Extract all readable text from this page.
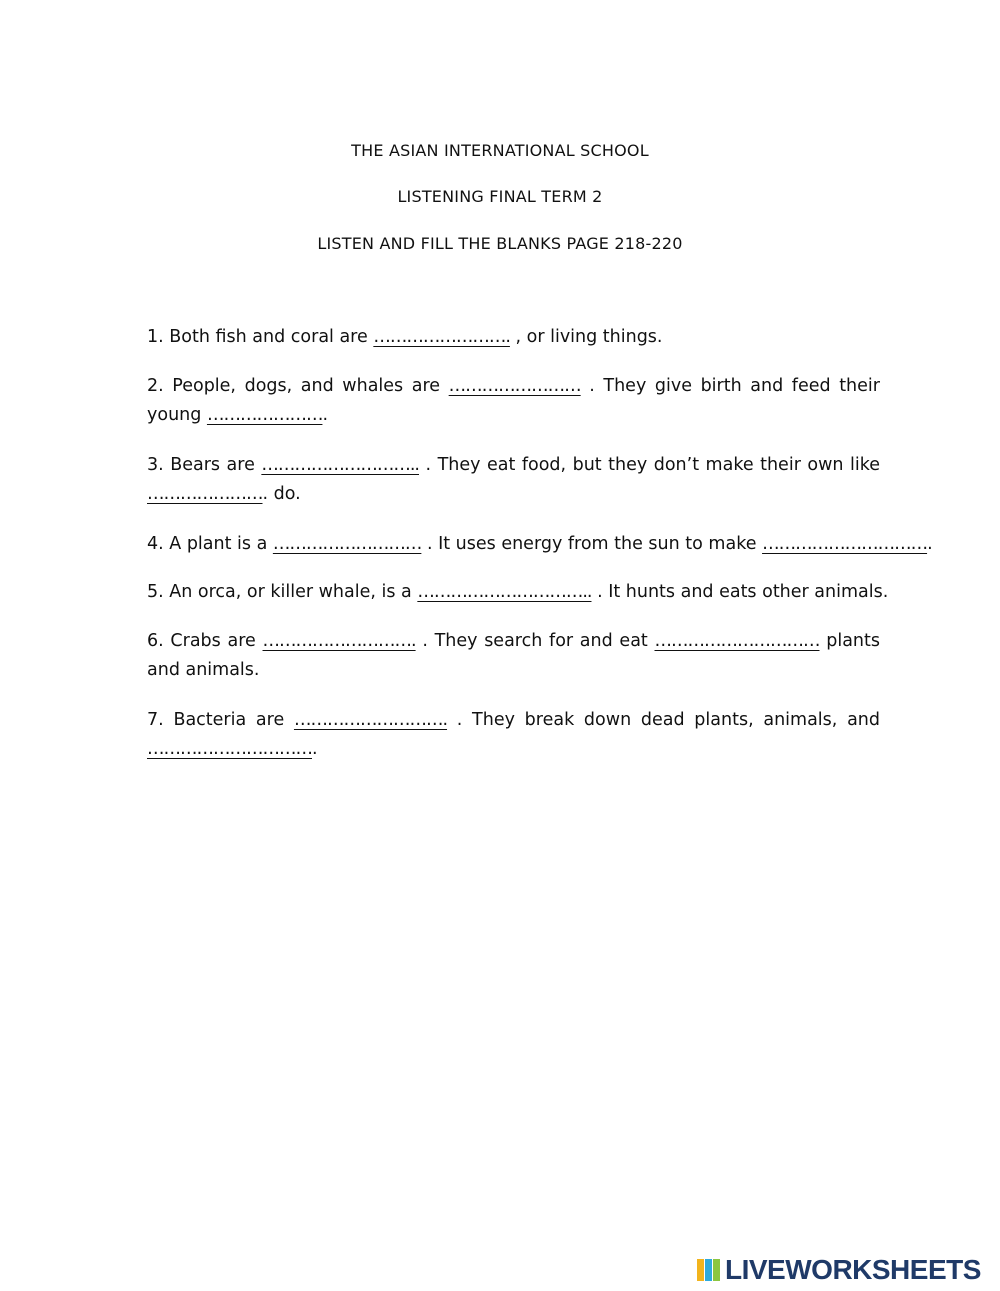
THE ASIAN INTERNATIONAL SCHOOL
LISTENING FINAL TERM 2
LISTEN AND FILL THE BLANKS PAGE 218-220
1. Both fish and coral are ……………………. , or living things.
2. People, dogs, and whales are …………………… . They give birth and feed their young ………………….
3. Bears are ……………………….. . They eat food, but they don’t make their own like …………………. do.
4. A plant is a ……………………… . It uses energy from the sun to make ………………………….
5. An orca, or killer whale, is a ………………………….. . It hunts and eats other animals.
6. Crabs are ………………………. . They search for and eat ………………………… plants and animals.
7. Bacteria are ………………………. . They break down dead plants, animals, and ………………………….
LIVEWORKSHEETS
